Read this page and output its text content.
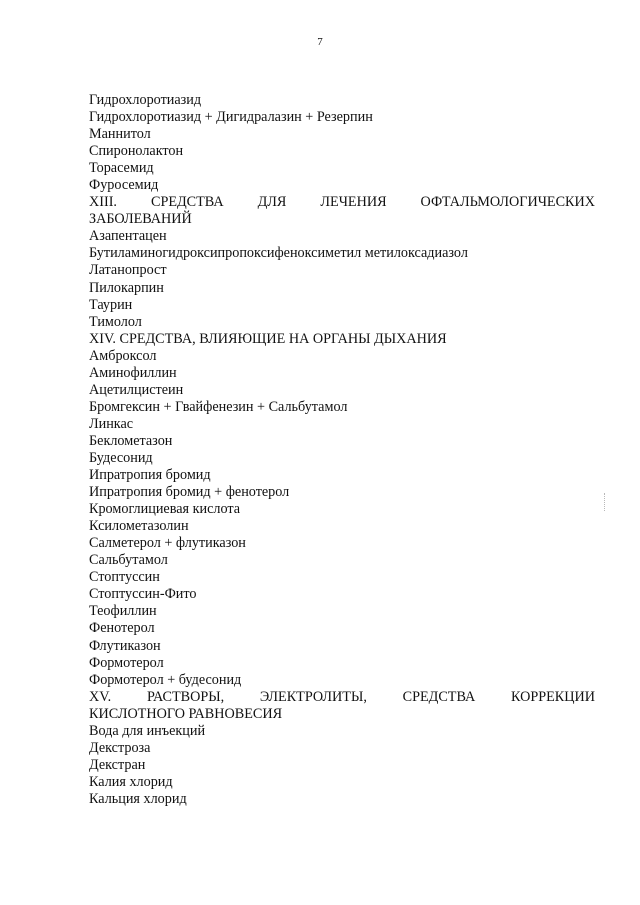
7
Гидрохлоротиазид
Гидрохлоротиазид + Дигидралазин + Резерпин
Маннитол
Спиронолактон
Торасемид
Фуросемид
XIII. СРЕДСТВА ДЛЯ ЛЕЧЕНИЯ ОФТАЛЬМОЛОГИЧЕСКИХ
ЗАБОЛЕВАНИЙ
Азапентацен
Бутиламиногидроксипропоксифеноксиметил метилоксадиазол
Латанопрост
Пилокарпин
Таурин
Тимолол
XIV. СРЕДСТВА, ВЛИЯЮЩИЕ НА ОРГАНЫ ДЫХАНИЯ
Амброксол
Аминофиллин
Ацетилцистеин
Бромгексин + Гвайфенезин + Сальбутамол
Линкас
Беклометазон
Будесонид
Ипратропия бромид
Ипратропия бромид + фенотерол
Кромоглициевая кислота
Ксилометазолин
Салметерол + флутиказон
Сальбутамол
Стоптуссин
Стоптуссин-Фито
Теофиллин
Фенотерол
Флутиказон
Формотерол
Формотерол + будесонид
XV. РАСТВОРЫ, ЭЛЕКТРОЛИТЫ, СРЕДСТВА КОРРЕКЦИИ
КИСЛОТНОГО РАВНОВЕСИЯ
Вода для инъекций
Декстроза
Декстран
Калия хлорид
Кальция хлорид
